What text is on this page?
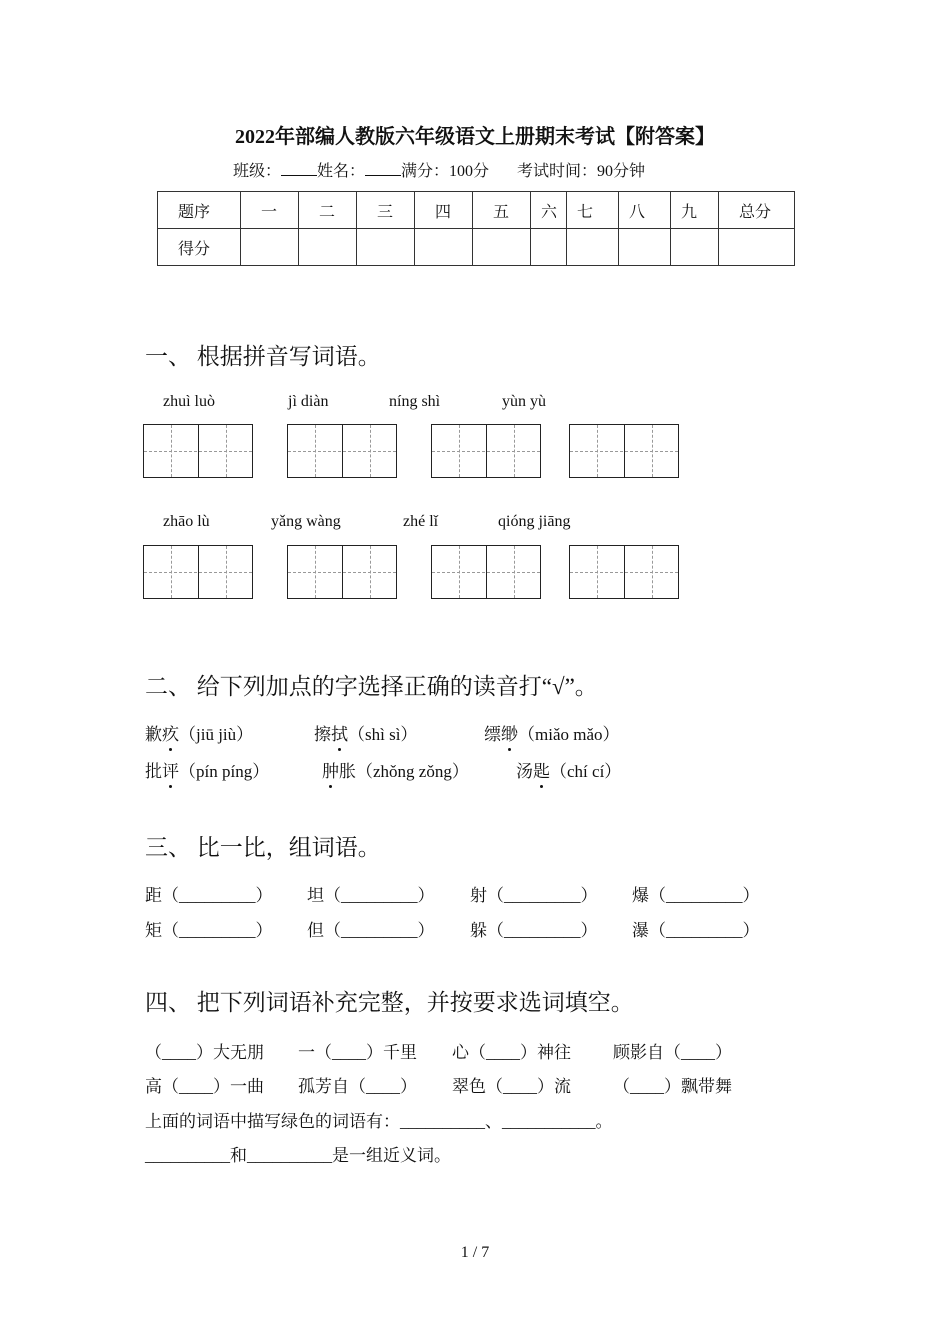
2022年部编人教版六年级语文上册期末考试【附答案】
班级： 姓名： 满分：100分 考试时间：90分钟
题序	一	二	三	四	五	六	七	八	九	总分
得分										
一、 根据拼音写词语。
zhuì luò	jì diàn	níng shì	yùn yù
zhāo lù	yǎng wàng	zhé lǐ	qióng jiāng
二、 给下列加点的字选择正确的读音打“√”。
歉疚（jiū jiù）	擦拭（shì sì）	缥缈（miǎo mǎo）
批评（pín píng）	肿胀（zhǒng zǒng）	汤匙（chí cí）
三、 比一比，组词语。
距（_________） 坦（_________） 射（_________） 爆（_________）
矩（_________） 但（_________） 躲（_________） 瀑（_________）
四、 把下列词语补充完整，并按要求选词填空。
（____）大无朋 一（____）千里 心（____）神往 顾影自（____）
高（____）一曲 孤芳自（____） 翠色（____）流 （____）飘带舞
上面的词语中描写绿色的词语有：__________、___________。
__________和__________是一组近义词。
1 / 7
